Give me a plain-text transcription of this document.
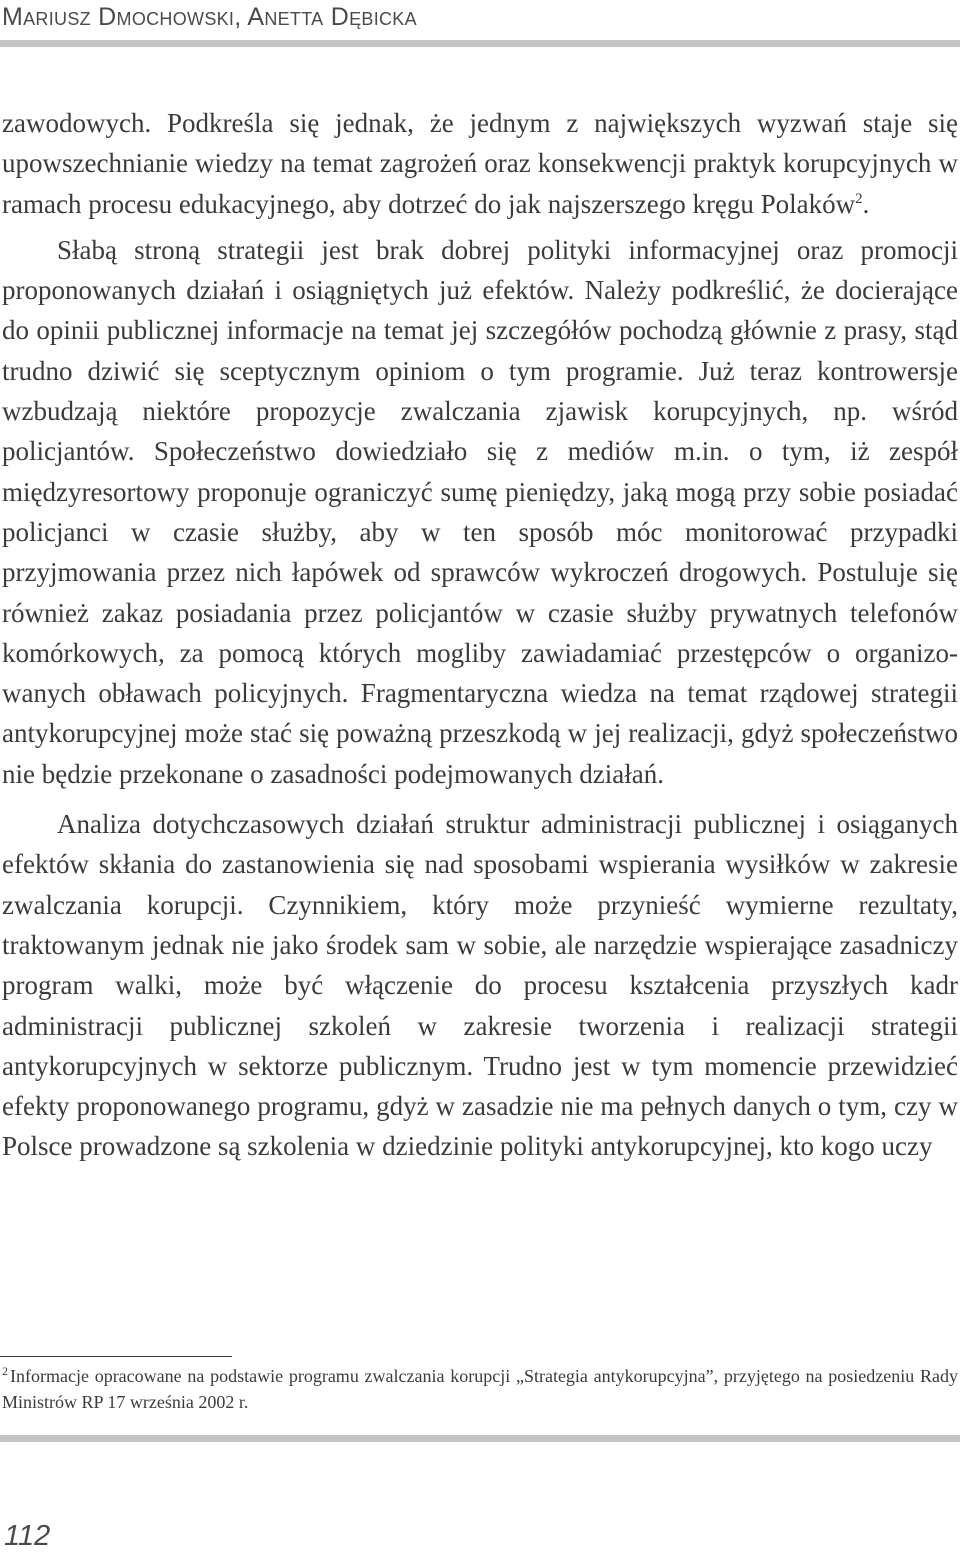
Mariusz Dmochowski, Anetta Dębicka

zawodowych. Podkreśla się jednak, że jednym z największych wyzwań staje się upowszechnianie wiedzy na temat zagrożeń oraz konsekwencji praktyk korupcyjnych w ramach procesu edukacyjnego, aby dotrzeć do jak najszerszego kręgu Polaków$^2$.

Słabą stroną strategii jest brak dobrej polityki informacyjnej oraz promocji proponowanych działań i osiągniętych już efektów. Należy podkreślić, że docierające do opinii publicznej informacje na temat jej szczegółów pochodzą głównie z prasy, stąd trudno dziwić się sceptycznym opiniom o tym programie. Już teraz kontrowersje wzbudzają niektóre propozycje zwalczania zjawisk korupcyjnych, np. wśród policjantów. Społeczeństwo dowiedziało się z mediów m.in. o tym, iż zespół międzyresortowy proponuje ograniczyć sumę pieniędzy, jaką mogą przy sobie posiadać policjanci w czasie służby, aby w ten sposób móc monitorować przypadki przyjmowania przez nich łapówek od sprawców wykroczeń drogowych. Postuluje się również zakaz posiadania przez policjantów w czasie służby prywatnych telefonów komórkowych, za pomocą których mogliby zawiadamiać przestępców o organizowanych obławach policyjnych. Fragmentaryczna wiedza na temat rządowej strategii antykorupcyjnej może stać się poważną przeszkodą w jej realizacji, gdyż społeczeństwo nie będzie przekonane o zasadności podejmowanych działań.

Analiza dotychczasowych działań struktur administracji publicznej i osiąganych efektów skłania do zastanowienia się nad sposobami wspierania wysiłków w zakresie zwalczania korupcji. Czynnikiem, który może przynieść wymierne rezultaty, traktowanym jednak nie jako środek sam w sobie, ale narzędzie wspierające zasadniczy program walki, może być włączenie do procesu kształcenia przyszłych kadr administracji publicznej szkoleń w zakresie tworzenia i realizacji strategii antykorupcyjnych w sektorze publicznym. Trudno jest w tym momencie przewidzieć efekty proponowanego programu, gdyż w zasadzie nie ma pełnych danych o tym, czy w Polsce prowadzone są szkolenia w dziedzinie polityki antykorupcyjnej, kto kogo uczy

$^2$ Informacje opracowane na podstawie programu zwalczania korupcji „Strategia antykorupcyjna”, przyjętego na posiedzeniu Rady Ministrów RP 17 września 2002 r.
112
